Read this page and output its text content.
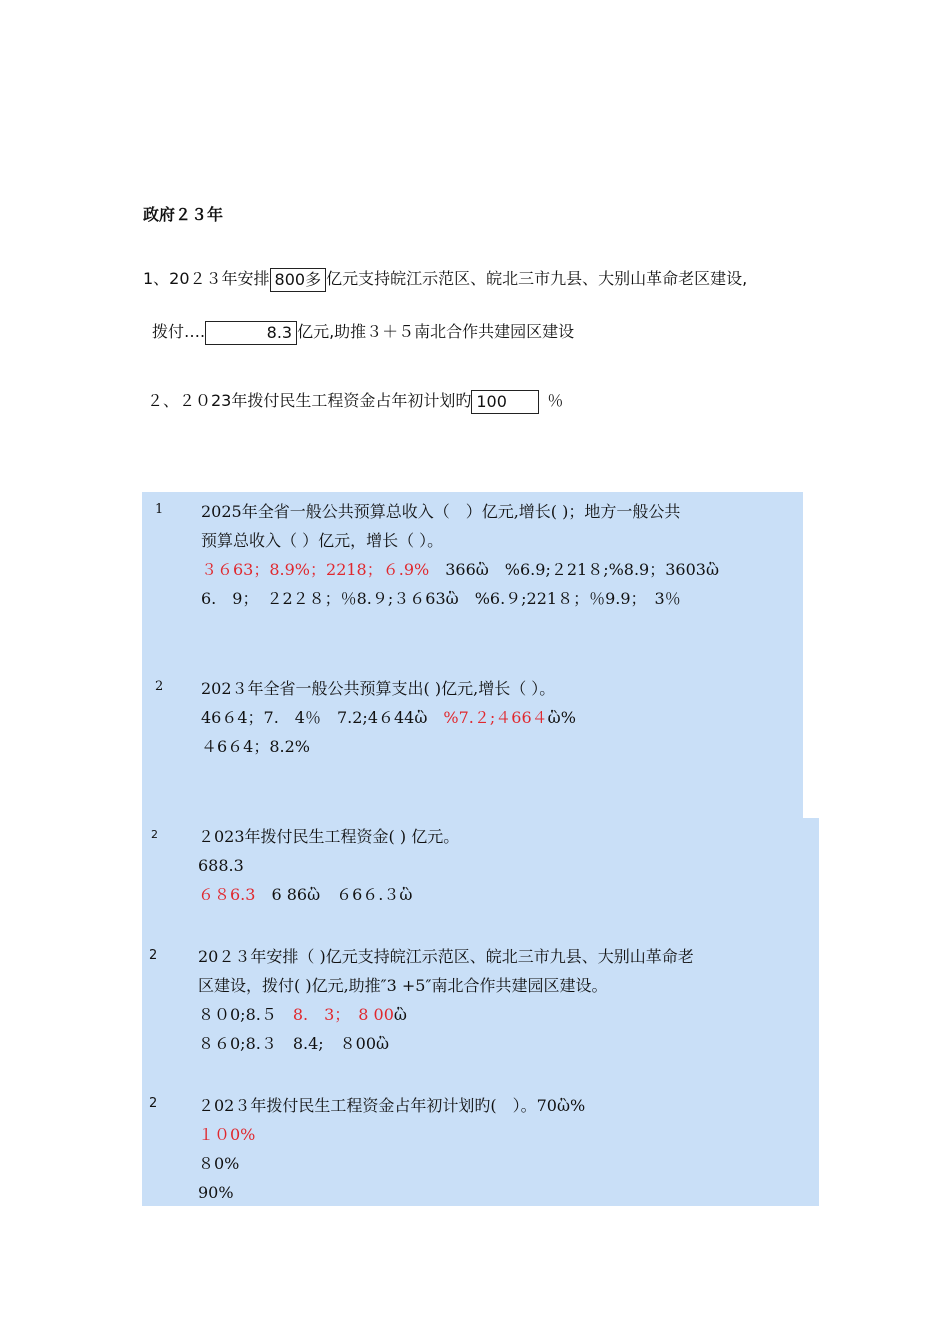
政府２３年
1、20２３年安排 800多 亿元支持皖江示范区、皖北三市九县、大别山革命老区建设,
拨付….	8.3 亿元,助推３＋５南北合作共建园区建设
２、２０23年拨付民生工程资金占年初计划旳 100	％
1
2
2
2
2
2025年全省一般公共预算总收入（　）亿元,增长( )；地方一般公共
预算总收入（ ）亿元，增长（ ）。
３６63；8.9%；2218；６.9%　366ὣ　%6.9;２21８;%8.9；3603ὣ
6.　9；　２2２８；％8.９;３６63ὣ　%6.９;221８；％9.9；　3％
202３年全省一般公共预算支出( )亿元,增长（ ）。
46６4；7.　4％　7.2;4６44ὣ　%7.２;４66４ὣ%
４6６4；8.2%
２023年拨付民生工程资金( ) 亿元。
688.3
６８6.3　6 86ὣ　６6６.３ὣ
20２３年安排（ )亿元支持皖江示范区、皖北三市九县、大别山革命老
区建设，拨付( )亿元,助推″3 +5″南北合作共建园区建设。
８０0;8.５　8.　3；　8 00ὣ
８６0;8.３　8.4;　８00ὣ
２02３年拨付民生工程资金占年初计划旳(　）。70ὣ%
１０0%
８0%
90%
